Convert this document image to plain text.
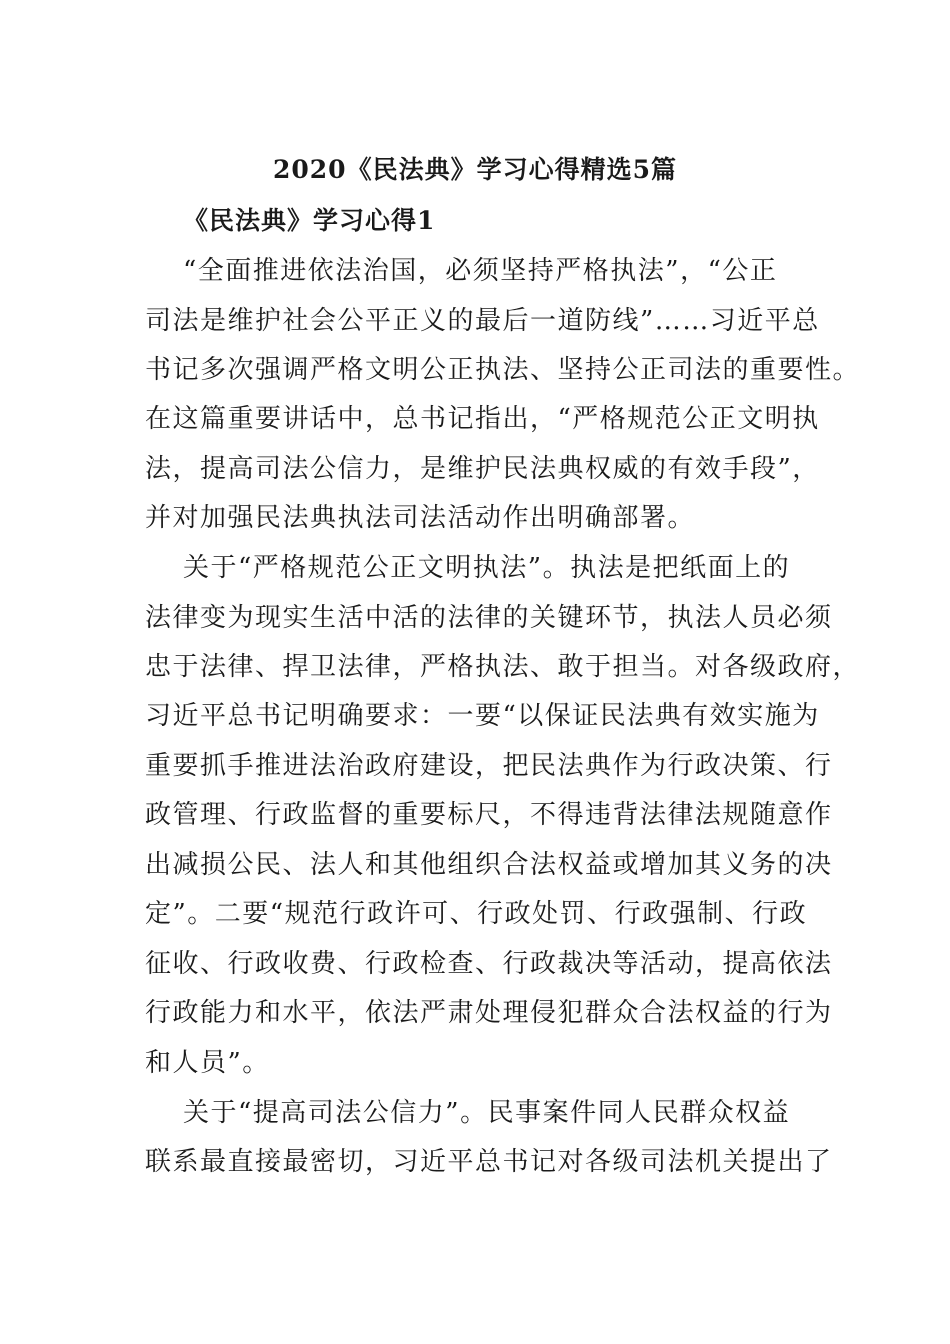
2020《民法典》学习心得精选5篇
《民法典》学习心得1
“全面推进依法治国，必须坚持严格执法”，“公正
司法是维护社会公平正义的最后一道防线”……习近平总
书记多次强调严格文明公正执法、坚持公正司法的重要性。
在这篇重要讲话中，总书记指出，“严格规范公正文明执
法，提高司法公信力，是维护民法典权威的有效手段”，
并对加强民法典执法司法活动作出明确部署。
关于“严格规范公正文明执法”。执法是把纸面上的
法律变为现实生活中活的法律的关键环节，执法人员必须
忠于法律、捍卫法律，严格执法、敢于担当。对各级政府，
习近平总书记明确要求：一要“以保证民法典有效实施为
重要抓手推进法治政府建设，把民法典作为行政决策、行
政管理、行政监督的重要标尺，不得违背法律法规随意作
出减损公民、法人和其他组织合法权益或增加其义务的决
定”。二要“规范行政许可、行政处罚、行政强制、行政
征收、行政收费、行政检查、行政裁决等活动，提高依法
行政能力和水平，依法严肃处理侵犯群众合法权益的行为
和人员”。
关于“提高司法公信力”。民事案件同人民群众权益
联系最直接最密切，习近平总书记对各级司法机关提出了
